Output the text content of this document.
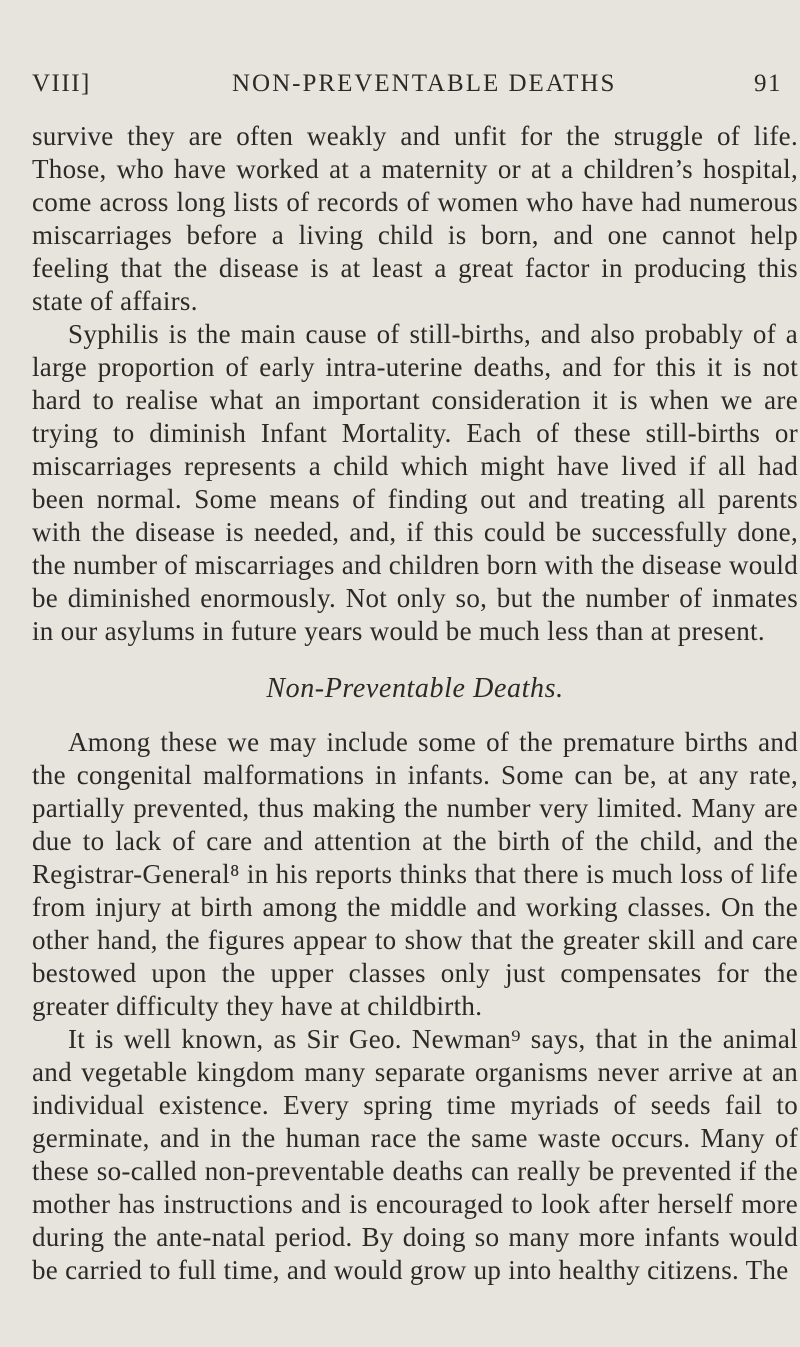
VIII]	NON-PREVENTABLE DEATHS	91

survive they are often weakly and unfit for the struggle of life. Those, who have worked at a maternity or at a children’s hospital, come across long lists of records of women who have had numerous miscarriages before a living child is born, and one cannot help feeling that the disease is at least a great factor in producing this state of affairs.

Syphilis is the main cause of still-births, and also probably of a large proportion of early intra-uterine deaths, and for this it is not hard to realise what an important consideration it is when we are trying to diminish Infant Mortality. Each of these still-births or miscarriages represents a child which might have lived if all had been normal. Some means of finding out and treating all parents with the disease is needed, and, if this could be successfully done, the number of miscarriages and children born with the disease would be diminished enormously. Not only so, but the number of inmates in our asylums in future years would be much less than at present.

Non-Preventable Deaths.

Among these we may include some of the premature births and the congenital malformations in infants. Some can be, at any rate, partially prevented, thus making the number very limited. Many are due to lack of care and attention at the birth of the child, and the Registrar-General⁸ in his reports thinks that there is much loss of life from injury at birth among the middle and working classes. On the other hand, the figures appear to show that the greater skill and care bestowed upon the upper classes only just compensates for the greater difficulty they have at childbirth.

It is well known, as Sir Geo. Newman⁹ says, that in the animal and vegetable kingdom many separate organisms never arrive at an individual existence. Every spring time myriads of seeds fail to germinate, and in the human race the same waste occurs. Many of these so-called non-preventable deaths can really be prevented if the mother has instructions and is encouraged to look after herself more during the ante-natal period. By doing so many more infants would be carried to full time, and would grow up into healthy citizens. The
